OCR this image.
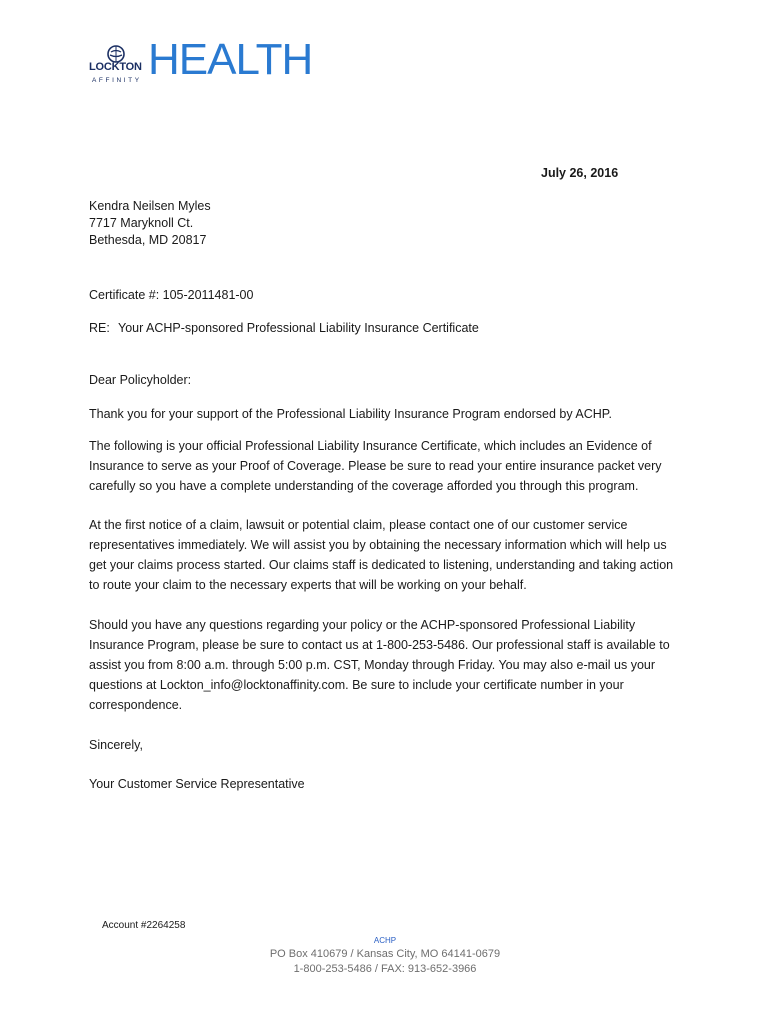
LOCKTON
AFFINITY HEALTH
July 26, 2016
Kendra Neilsen Myles
7717 Maryknoll Ct.
Bethesda, MD 20817
Certificate #: 105-2011481-00
RE: Your ACHP-sponsored Professional Liability Insurance Certificate
Dear Policyholder:
Thank you for your support of the Professional Liability Insurance Program endorsed by ACHP.
The following is your official Professional Liability Insurance Certificate, which includes an Evidence of Insurance to serve as your Proof of Coverage. Please be sure to read your entire insurance packet very carefully so you have a complete understanding of the coverage afforded you through this program.
At the first notice of a claim, lawsuit or potential claim, please contact one of our customer service representatives immediately. We will assist you by obtaining the necessary information which will help us get your claims process started. Our claims staff is dedicated to listening, understanding and taking action to route your claim to the necessary experts that will be working on your behalf.
Should you have any questions regarding your policy or the ACHP-sponsored Professional Liability Insurance Program, please be sure to contact us at 1-800-253-5486. Our professional staff is available to assist you from 8:00 a.m. through 5:00 p.m. CST, Monday through Friday. You may also e-mail us your questions at Lockton_info@locktonaffinity.com. Be sure to include your certificate number in your correspondence.
Sincerely,
Your Customer Service Representative
Account #2264258
ACHP
PO Box 410679 / Kansas City, MO 64141-0679
1-800-253-5486 / FAX: 913-652-3966
